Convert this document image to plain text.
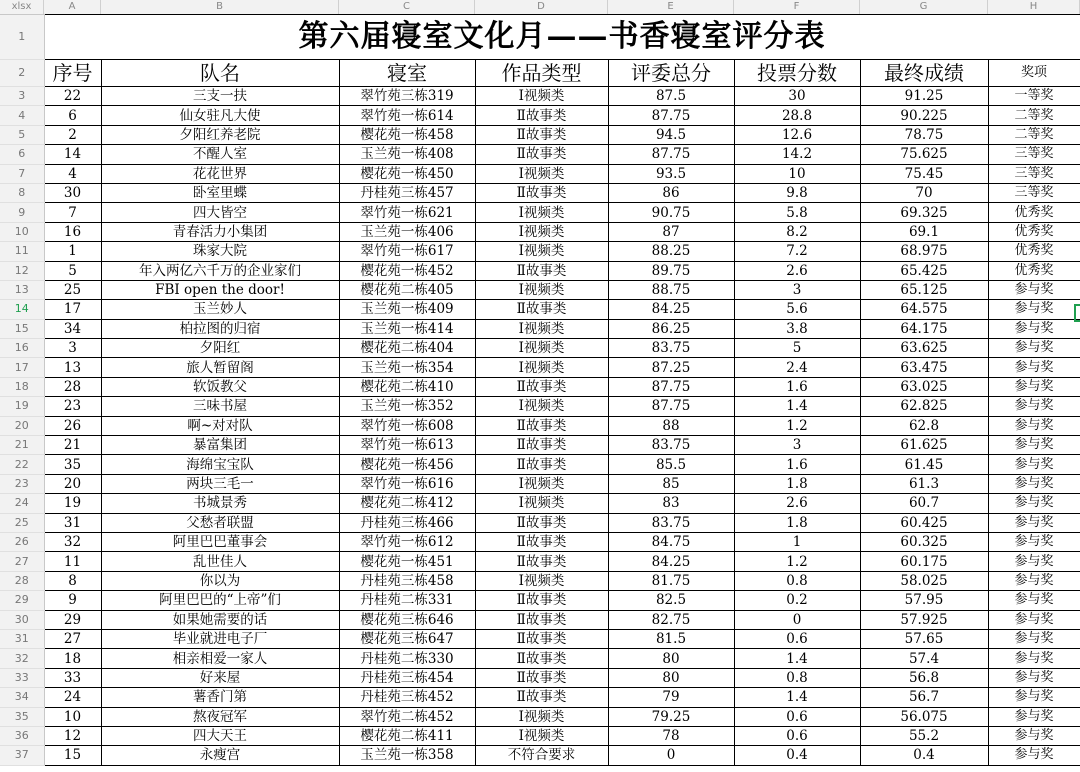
xlsx	A	B	C	D	E	F	G	H
1	第六届寝室文化月——书香寝室评分表							
2	序号	队名	寝室	作品类型	评委总分	投票分数	最终成绩	奖项
3	22	三支一扶	翠竹苑三栋319	Ⅰ视频类	87.5	30	91.25	一等奖
4	6	仙女驻凡大使	翠竹苑一栋614	Ⅱ故事类	87.75	28.8	90.225	二等奖
5	2	夕阳红养老院	樱花苑一栋458	Ⅱ故事类	94.5	12.6	78.75	二等奖
6	14	不醒人室	玉兰苑一栋408	Ⅱ故事类	87.75	14.2	75.625	三等奖
7	4	花花世界	樱花苑一栋450	Ⅰ视频类	93.5	10	75.45	三等奖
8	30	卧室里蝶	丹桂苑三栋457	Ⅱ故事类	86	9.8	70	三等奖
9	7	四大皆空	翠竹苑一栋621	Ⅰ视频类	90.75	5.8	69.325	优秀奖
10	16	青春活力小集团	玉兰苑一栋406	Ⅰ视频类	87	8.2	69.1	优秀奖
11	1	珠家大院	翠竹苑一栋617	Ⅰ视频类	88.25	7.2	68.975	优秀奖
12	5	年入两亿六千万的企业家们	樱花苑一栋452	Ⅱ故事类	89.75	2.6	65.425	优秀奖
13	25	FBI open the door!	樱花苑二栋405	Ⅰ视频类	88.75	3	65.125	参与奖
14	17	玉兰妙人	玉兰苑一栋409	Ⅱ故事类	84.25	5.6	64.575	参与奖
15	34	柏拉图的归宿	玉兰苑一栋414	Ⅰ视频类	86.25	3.8	64.175	参与奖
16	3	夕阳红	樱花苑二栋404	Ⅰ视频类	83.75	5	63.625	参与奖
17	13	旅人暂留阁	玉兰苑一栋354	Ⅰ视频类	87.25	2.4	63.475	参与奖
18	28	软饭教父	樱花苑二栋410	Ⅱ故事类	87.75	1.6	63.025	参与奖
19	23	三味书屋	玉兰苑一栋352	Ⅰ视频类	87.75	1.4	62.825	参与奖
20	26	啊~对对队	翠竹苑一栋608	Ⅱ故事类	88	1.2	62.8	参与奖
21	21	暴富集团	翠竹苑一栋613	Ⅱ故事类	83.75	3	61.625	参与奖
22	35	海绵宝宝队	樱花苑一栋456	Ⅱ故事类	85.5	1.6	61.45	参与奖
23	20	两块三毛一	翠竹苑一栋616	Ⅰ视频类	85	1.8	61.3	参与奖
24	19	书城景秀	樱花苑二栋412	Ⅰ视频类	83	2.6	60.7	参与奖
25	31	父愁者联盟	丹桂苑三栋466	Ⅱ故事类	83.75	1.8	60.425	参与奖
26	32	阿里巴巴董事会	翠竹苑一栋612	Ⅱ故事类	84.75	1	60.325	参与奖
27	11	乱世佳人	樱花苑一栋451	Ⅱ故事类	84.25	1.2	60.175	参与奖
28	8	你以为	丹桂苑三栋458	Ⅰ视频类	81.75	0.8	58.025	参与奖
29	9	阿里巴巴的“上帝”们	丹桂苑二栋331	Ⅱ故事类	82.5	0.2	57.95	参与奖
30	29	如果她需要的话	樱花苑三栋646	Ⅱ故事类	82.75	0	57.925	参与奖
31	27	毕业就进电子厂	樱花苑三栋647	Ⅱ故事类	81.5	0.6	57.65	参与奖
32	18	相亲相爱一家人	丹桂苑二栋330	Ⅱ故事类	80	1.4	57.4	参与奖
33	33	好来屋	丹桂苑三栋454	Ⅱ故事类	80	0.8	56.8	参与奖
34	24	薯香门第	丹桂苑三栋452	Ⅱ故事类	79	1.4	56.7	参与奖
35	10	熬夜冠军	翠竹苑二栋452	Ⅰ视频类	79.25	0.6	56.075	参与奖
36	12	四大天王	樱花苑二栋411	Ⅰ视频类	78	0.6	55.2	参与奖
37	15	永瘦宫	玉兰苑一栋358	不符合要求	0	0.4	0.4	参与奖
